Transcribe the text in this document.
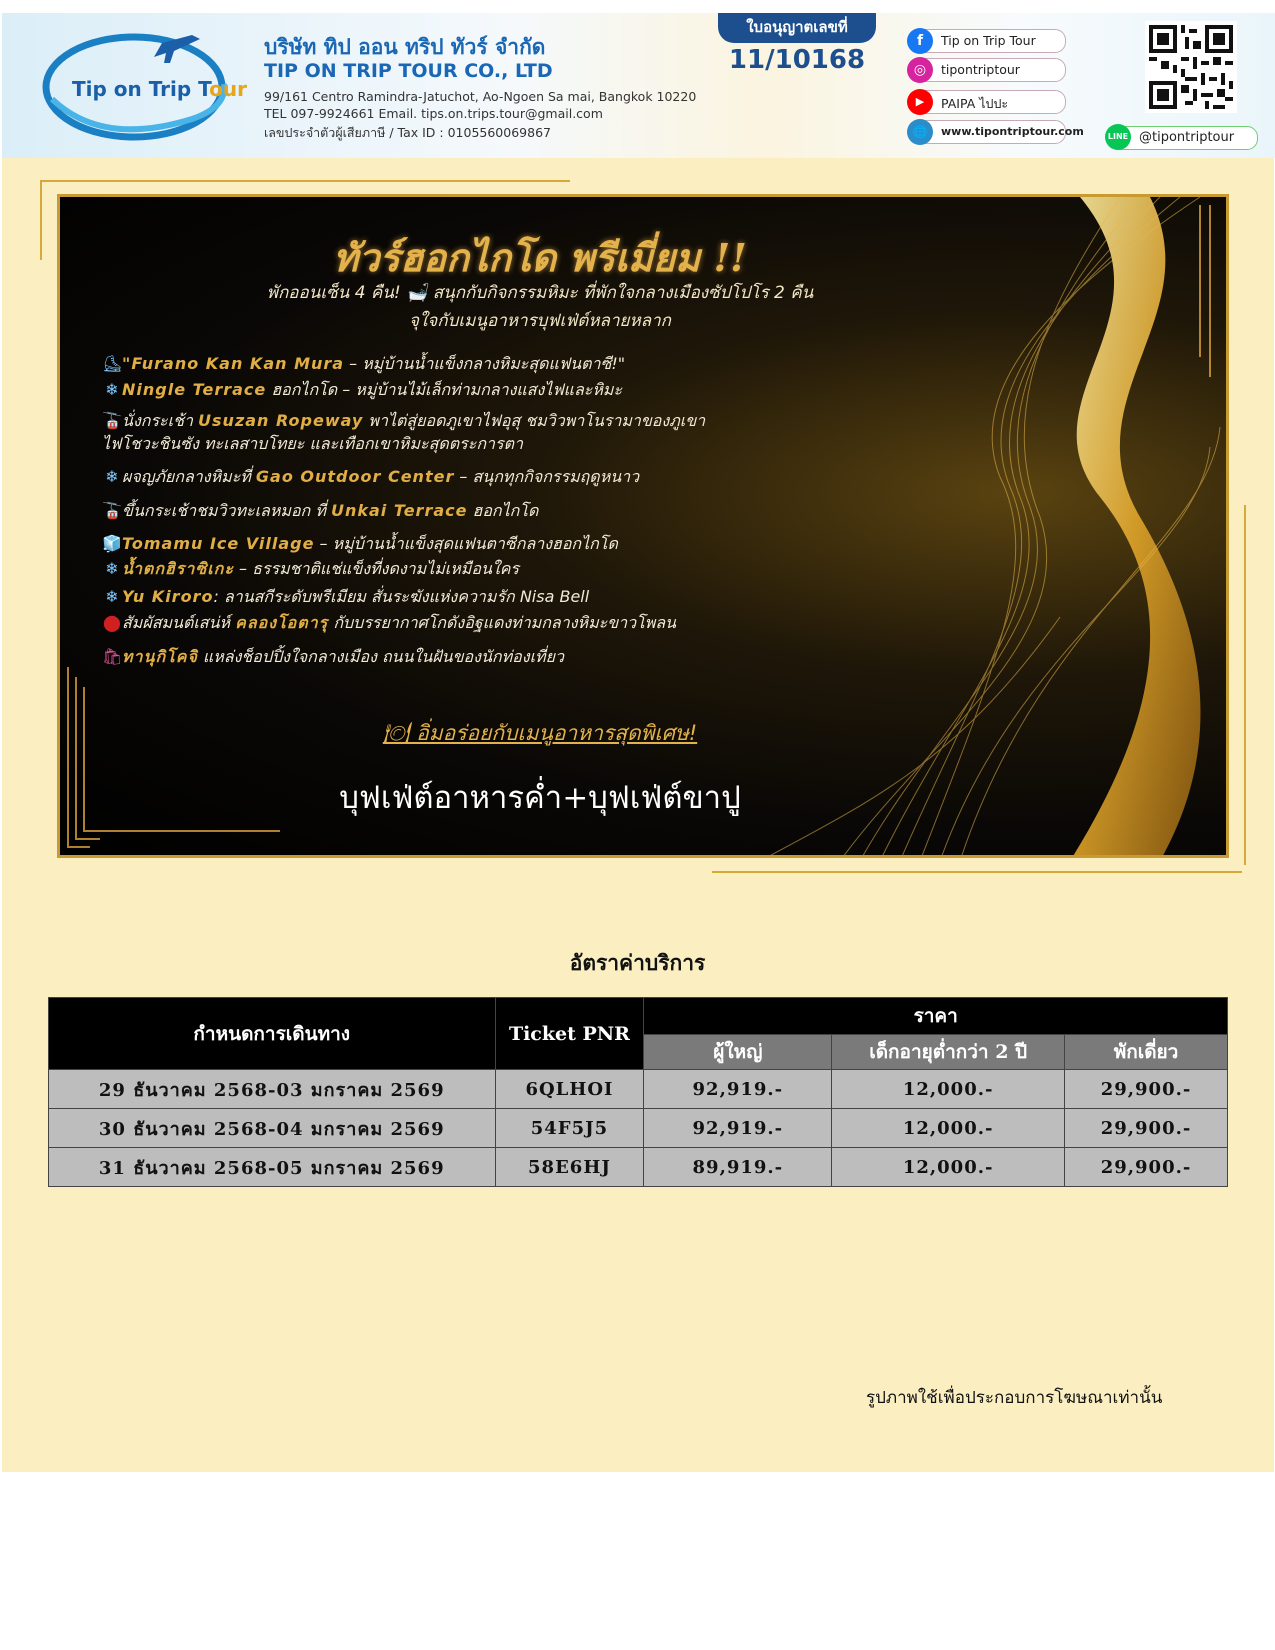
Tip on Trip Tour
บริษัท ทิป ออน ทริป ทัวร์ จำกัด
TIP ON TRIP TOUR CO., LTD
99/161 Centro Ramindra-Jatuchot, Ao-Ngoen Sa mai, Bangkok 10220
TEL 097-9924661 Email. tips.on.trips.tour@gmail.com
เลขประจำตัวผู้เสียภาษี / Tax ID : 0105560069867
ใบอนุญาตเลขที่
11/10168
f	Tip on Trip Tour
◎	tipontriptour
▶	PAIPA ไปปะ
🌐	www.tipontriptour.com	LINE @tipontriptour
ทัวร์ฮอกไกโด พรีเมี่ยม !!
พักออนเซ็น 4 คืน! 🛁 สนุกกับกิจกรรมหิมะ ที่พักใจกลางเมืองซัปโปโร 2 คืน
จุใจกับเมนูอาหารบุฟเฟ่ต์หลายหลาก
⛸"Furano Kan Kan Mura – หมู่บ้านน้ำแข็งกลางหิมะสุดแฟนตาซี!"
❄ Ningle Terrace ฮอกไกโด – หมู่บ้านไม้เล็กท่ามกลางแสงไฟและหิมะ
🚡นั่งกระเช้า Usuzan Ropeway พาไต่สู่ยอดภูเขาไฟอุสุ ชมวิวพาโนรามาของภูเขา
ไฟโชวะชินซัง ทะเลสาบโทยะ และเทือกเขาหิมะสุดตระการตา
❄ ผจญภัยกลางหิมะที่ Gao Outdoor Center – สนุกทุกกิจกรรมฤดูหนาว
🚡ขึ้นกระเช้าชมวิวทะเลหมอก ที่ Unkai Terrace ฮอกไกโด
🧊Tomamu Ice Village – หมู่บ้านน้ำแข็งสุดแฟนตาซีกลางฮอกไกโด
❄ น้ำตกฮิราซิเกะ – ธรรมชาติแช่แข็งที่งดงามไม่เหมือนใคร
❄ Yu Kiroro: ลานสกีระดับพรีเมียม สั่นระฆังแห่งความรัก Nisa Bell
⬤สัมผัสมนต์เสน่ห์ คลองโอตารุ กับบรรยากาศโกดังอิฐแดงท่ามกลางหิมะขาวโพลน
🛍ทานุกิโคจิ แหล่งช็อปปิ้งใจกลางเมือง ถนนในฝันของนักท่องเที่ยว
🍽 อิ่มอร่อยกับเมนูอาหารสุดพิเศษ!
บุฟเฟ่ต์อาหารค่ำ+บุฟเฟ่ต์ขาปู
อัตราค่าบริการ
กำหนดการเดินทาง	Ticket PNR	ราคา		
		ผู้ใหญ่	เด็กอายุต่ำกว่า 2 ปี	พักเดี่ยว
29 ธันวาคม 2568-03 มกราคม 2569	6QLHOI	92,919.-	12,000.-	29,900.-
30 ธันวาคม 2568-04 มกราคม 2569	54F5J5	92,919.-	12,000.-	29,900.-
31 ธันวาคม 2568-05 มกราคม 2569	58E6HJ	89,919.-	12,000.-	29,900.-
รูปภาพใช้เพื่อประกอบการโฆษณาเท่านั้น
